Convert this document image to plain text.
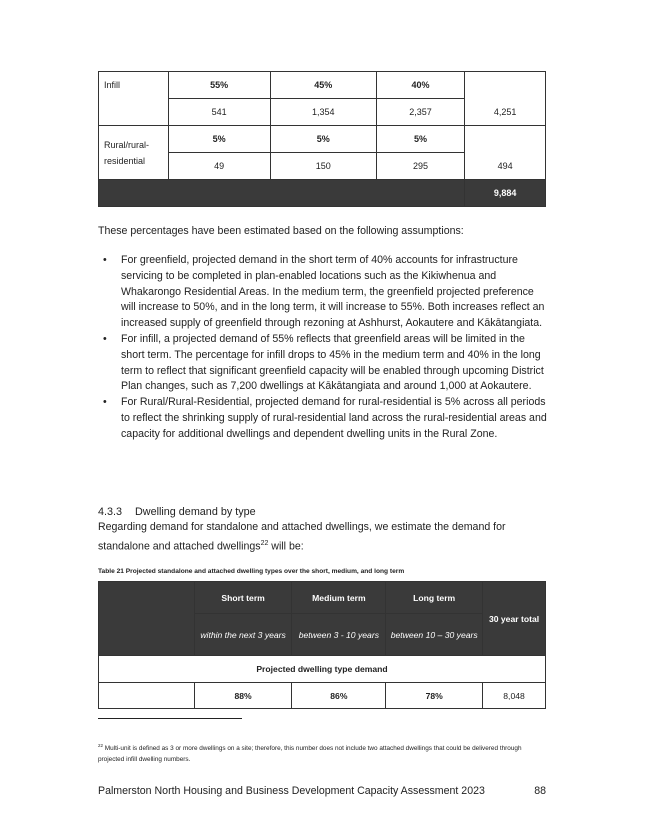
Infill	55%	45%	40%	
	541	1,354	2,357	4,251
Rural/rural-residential	5%	5%	5%	
	49	150	295	494
				9,884
These percentages have been estimated based on the following assumptions:
• For greenfield, projected demand in the short term of 40% accounts for infrastructure servicing to be completed in plan-enabled locations such as the Kikiwhenua and Whakarongo Residential Areas. In the medium term, the greenfield projected preference will increase to 50%, and in the long term, it will increase to 55%. Both increases reflect an increased supply of greenfield through rezoning at Ashhurst, Aokautere and Kākātangiata.
• For infill, a projected demand of 55% reflects that greenfield areas will be limited in the short term. The percentage for infill drops to 45% in the medium term and 40% in the long term to reflect that significant greenfield capacity will be enabled through upcoming District Plan changes, such as 7,200 dwellings at Kākātangiata and around 1,000 at Aokautere.
• For Rural/Rural-Residential, projected demand for rural-residential is 5% across all periods to reflect the shrinking supply of rural-residential land across the rural-residential areas and capacity for additional dwellings and dependent dwelling units in the Rural Zone.
4.3.3 Dwelling demand by type
Regarding demand for standalone and attached dwellings, we estimate the demand for standalone and attached dwellings$^{22}$ will be:
Table 21 Projected standalone and attached dwelling types over the short, medium, and long term
	Short term	Medium term	Long term	30 year total
	within the next 3 years	between 3 - 10 years	between 10 – 30 years	
Projected dwelling type demand				
	88%	86%	78%	8,048
$^{22}$ Multi-unit is defined as 3 or more dwellings on a site; therefore, this number does not include two attached dwellings that could be delivered through projected infill dwelling numbers.
Palmerston North Housing and Business Development Capacity Assessment 2023	88
